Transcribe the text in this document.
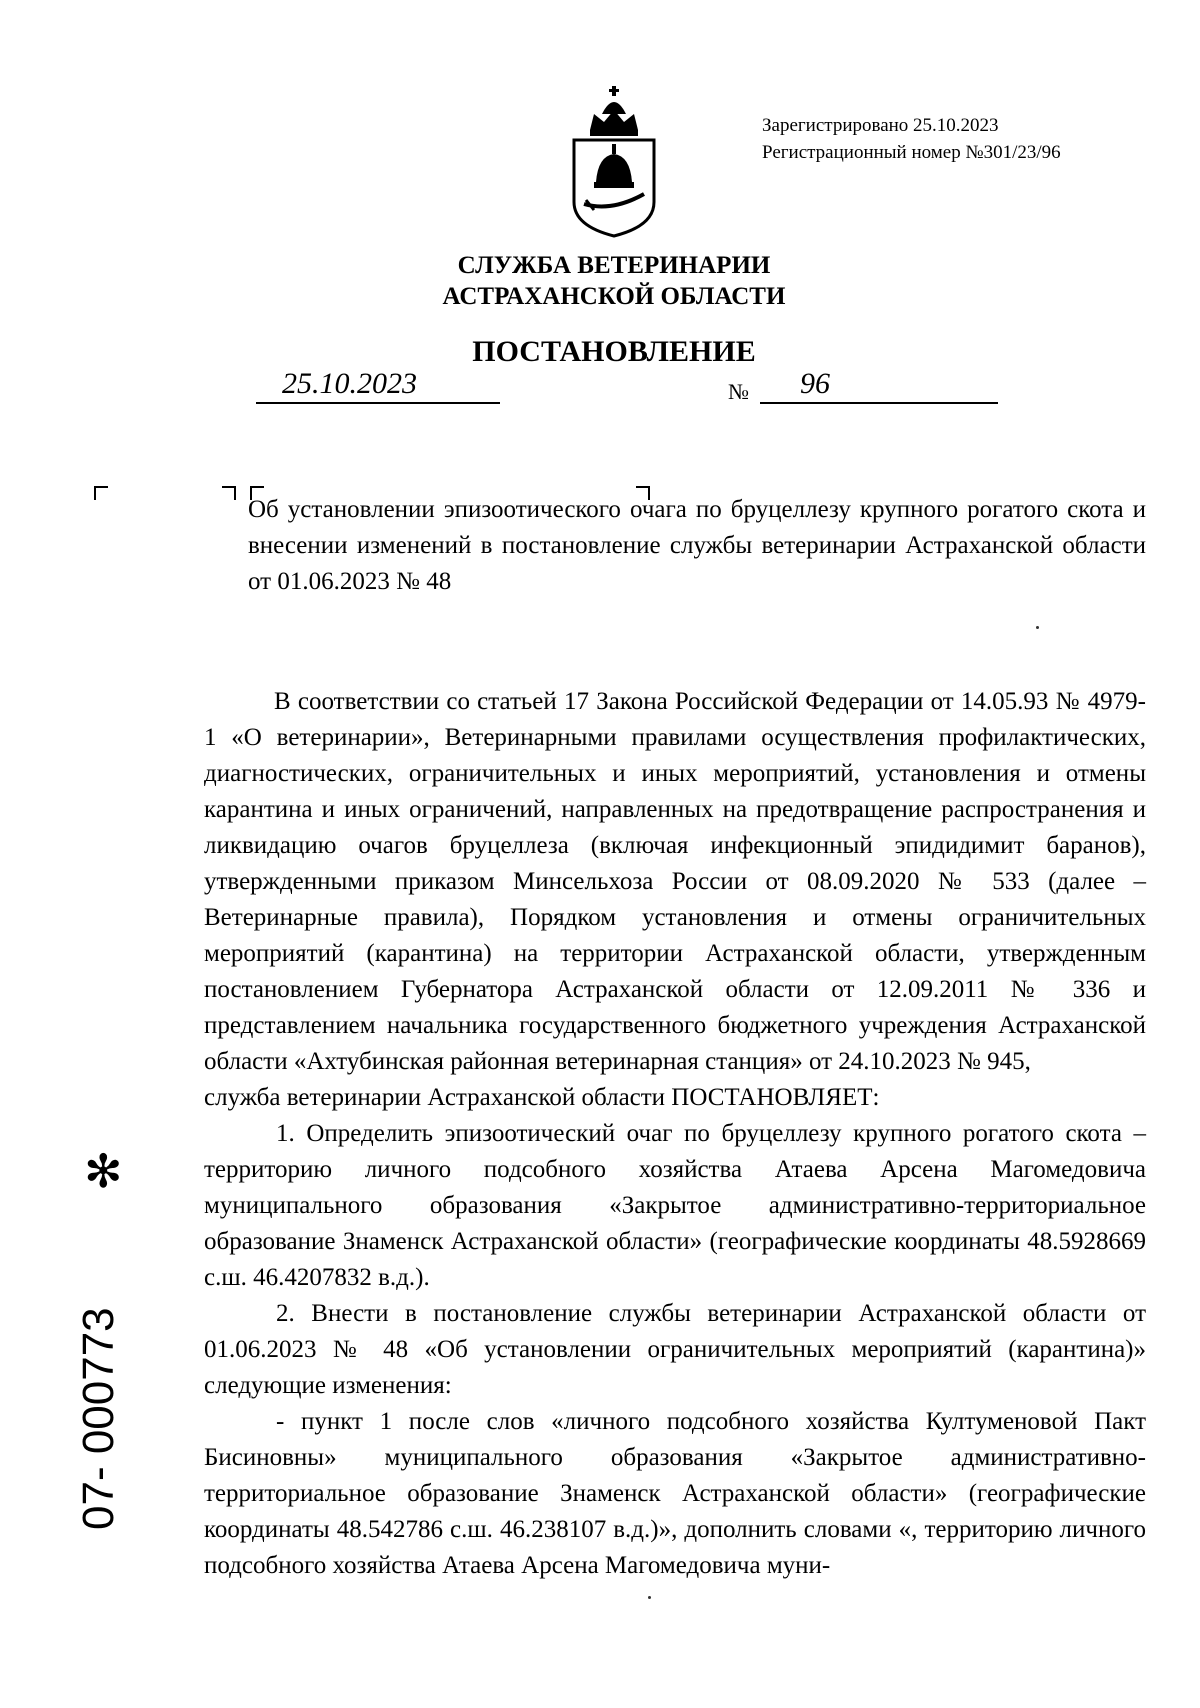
Зарегистрировано 25.10.2023
Регистрационный номер №301/23/96
СЛУЖБА ВЕТЕРИНАРИИ
АСТРАХАНСКОЙ ОБЛАСТИ
ПОСТАНОВЛЕНИЕ
25.10.2023	№ 96
Об установлении эпизоотического очага по бруцеллезу крупного рогатого скота и внесении изменений в постановление службы ветеринарии Астраханской области от 01.06.2023 № 48

В соответствии со статьей 17 Закона Российской Федерации от 14.05.93 № 4979-1 «О ветеринарии», Ветеринарными правилами осуществления профилактических, диагностических, ограничительных и иных мероприятий, установления и отмены карантина и иных ограничений, направленных на предотвращение распространения и ликвидацию очагов бруцеллеза (включая инфекционный эпидидимит баранов), утвержденными приказом Минсельхоза России от 08.09.2020 № 533 (далее – Ветеринарные правила), Порядком установления и отмены ограничительных мероприятий (карантина) на территории Астраханской области, утвержденным постановлением Губернатора Астраханской области от 12.09.2011 № 336 и представлением начальника государственного бюджетного учреждения Астраханской области «Ахтубинская районная ветеринарная станция» от 24.10.2023 № 945,

служба ветеринарии Астраханской области ПОСТАНОВЛЯЕТ:

1. Определить эпизоотический очаг по бруцеллезу крупного рогатого скота – территорию личного подсобного хозяйства Атаева Арсена Магомедовича муниципального образования «Закрытое административно-территориальное образование Знаменск Астраханской области» (географические координаты 48.5928669 с.ш. 46.4207832 в.д.).

2. Внести в постановление службы ветеринарии Астраханской области от 01.06.2023 № 48 «Об установлении ограничительных мероприятий (карантина)» следующие изменения:

- пункт 1 после слов «личного подсобного хозяйства Култуменовой Пакт Бисиновны» муниципального образования «Закрытое административно-территориальное образование Знаменск Астраханской области» (географические координаты 48.542786 с.ш. 46.238107 в.д.)», дополнить словами «, территорию личного подсобного хозяйства Атаева Арсена Магомедовича муни-

✻
07- 000773
